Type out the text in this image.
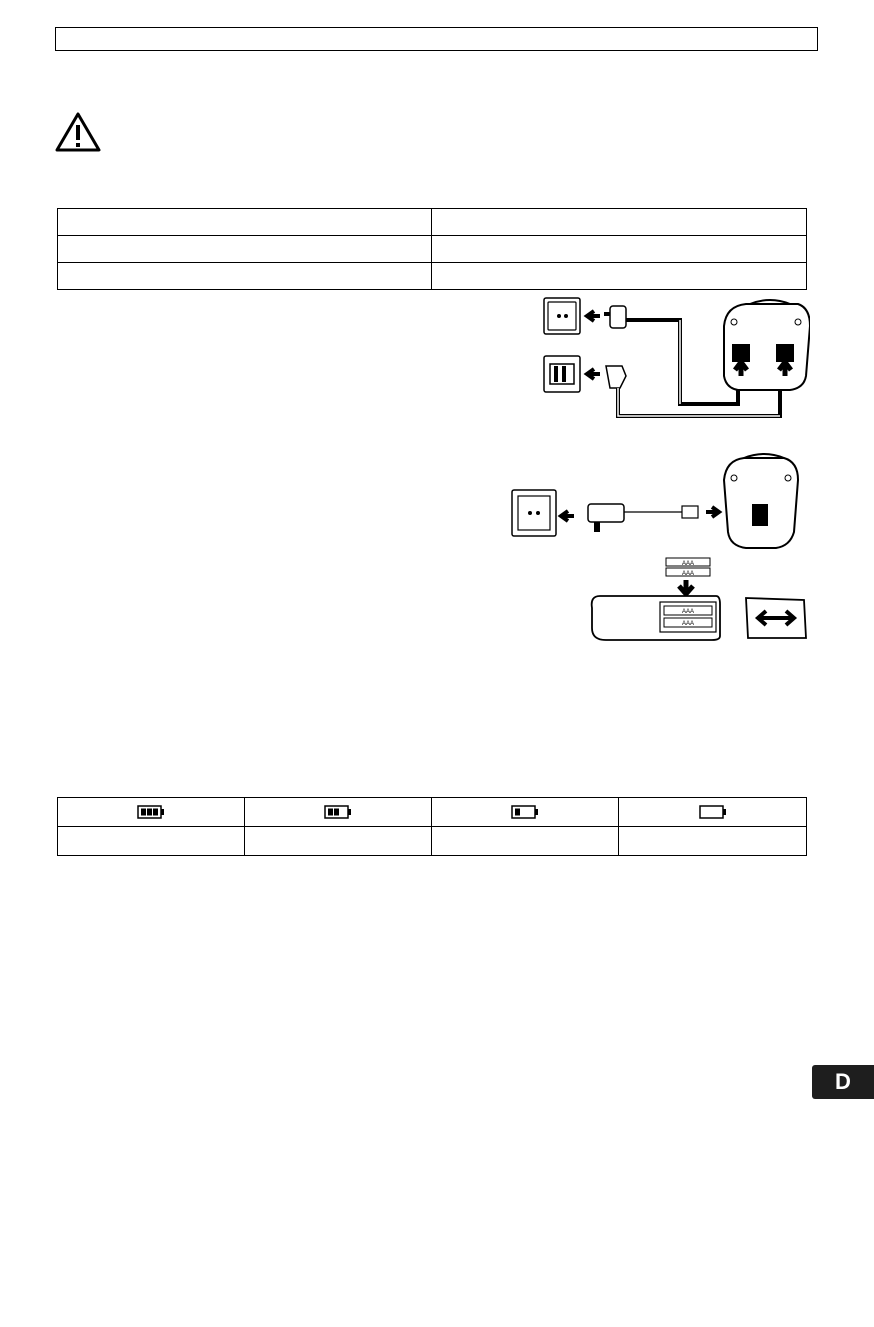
AAA
AAA
AAA
AAA

D
